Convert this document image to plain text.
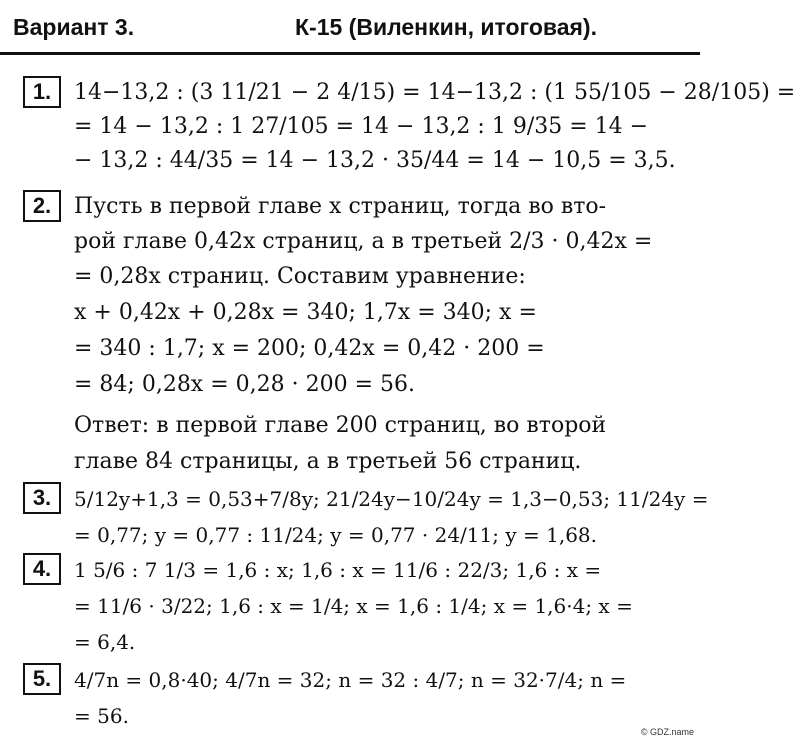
Вариант 3.	К-15 (Виленкин, итоговая).
1.	14−13,2 : (3 11/21 − 2 4/15) = 14−13,2 : (1 55/105 − 28/105) =
= 14 − 13,2 : 1 27/105 = 14 − 13,2 : 1 9/35 = 14 −
− 13,2 : 44/35 = 14 − 13,2 · 35/44 = 14 − 10,5 = 3,5.
2.	Пусть в первой главе x страниц, тогда во вто-
рой главе 0,42x страниц, а в третьей 2/3 · 0,42x =
= 0,28x страниц. Составим уравнение:
x + 0,42x + 0,28x = 340; 1,7x = 340; x =
= 340 : 1,7; x = 200; 0,42x = 0,42 · 200 =
= 84; 0,28x = 0,28 · 200 = 56.
Ответ: в первой главе 200 страниц, во второй
главе 84 страницы, а в третьей 56 страниц.
3.	5/12y+1,3 = 0,53+7/8y; 21/24y−10/24y = 1,3−0,53; 11/24y =
= 0,77; y = 0,77 : 11/24; y = 0,77 · 24/11; y = 1,68.
4.	1 5/6 : 7 1/3 = 1,6 : x; 1,6 : x = 11/6 : 22/3; 1,6 : x =
= 11/6 · 3/22; 1,6 : x = 1/4; x = 1,6 : 1/4; x = 1,6·4; x =
= 6,4.
5.	4/7n = 0,8·40; 4/7n = 32; n = 32 : 4/7; n = 32·7/4; n =
= 56.
© GDZ.name
